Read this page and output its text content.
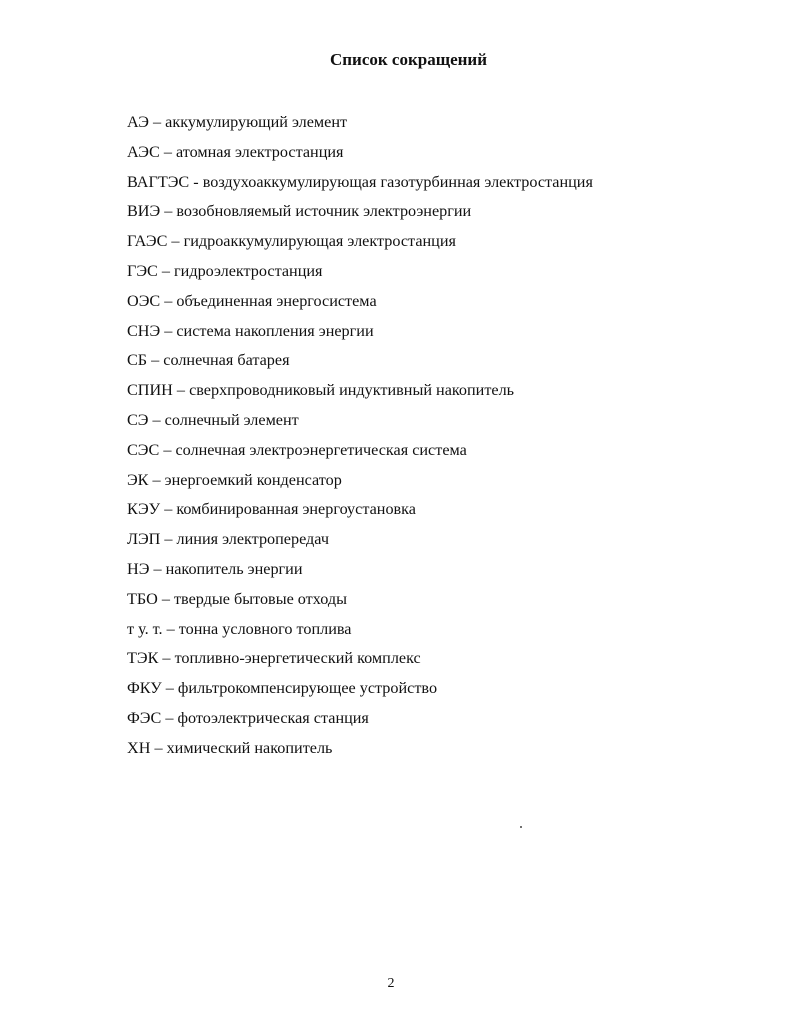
Список сокращений
АЭ – аккумулирующий элемент
АЭС – атомная электростанция
ВАГТЭС - воздухоаккумулирующая газотурбинная электростанция
ВИЭ – возобновляемый источник электроэнергии
ГАЭС – гидроаккумулирующая электростанция
ГЭС – гидроэлектростанция
ОЭС – объединенная энергосистема
СНЭ – система накопления энергии
СБ – солнечная батарея
СПИН – сверхпроводниковый индуктивный накопитель
СЭ – солнечный элемент
СЭС – солнечная электроэнергетическая система
ЭК – энергоемкий конденсатор
КЭУ – комбинированная энергоустановка
ЛЭП – линия электропередач
НЭ – накопитель энергии
ТБО – твердые бытовые отходы
т у. т. – тонна условного топлива
ТЭК – топливно-энергетический комплекс
ФКУ – фильтрокомпенсирующее устройство
ФЭС – фотоэлектрическая станция
ХН – химический накопитель
2
